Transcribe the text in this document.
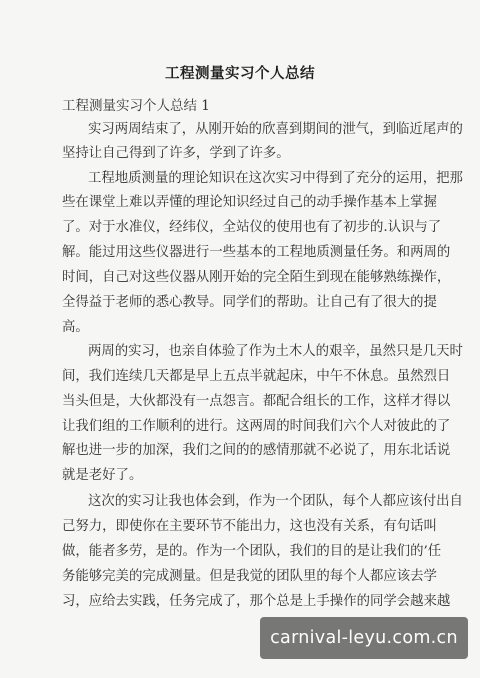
工程测量实习个人总结
工程测量实习个人总结 1
实习两周结束了，从刚开始的欣喜到期间的泄气，到临近尾声的
坚持让自己得到了许多，学到了许多。
工程地质测量的理论知识在这次实习中得到了充分的运用，把那
些在课堂上难以弄懂的理论知识经过自己的动手操作基本上掌握
了。对于水准仪，经纬仪，全站仪的使用也有了初步的.认识与了
解。能过用这些仪器进行一些基本的工程地质测量任务。和两周的
时间，自己对这些仪器从刚开始的完全陌生到现在能够熟练操作，
全得益于老师的悉心教导。同学们的帮助。让自己有了很大的提
高。
两周的实习，也亲自体验了作为土木人的艰辛，虽然只是几天时
间，我们连续几天都是早上五点半就起床，中午不休息。虽然烈日
当头但是，大伙都没有一点怨言。都配合组长的工作，这样才得以
让我们组的工作顺利的进行。这两周的时间我们六个人对彼此的了
解也进一步的加深，我们之间的的感情那就不必说了，用东北话说
就是老好了。
这次的实习让我也体会到，作为一个团队，每个人都应该付出自
己努力，即使你在主要环节不能出力，这也没有关系，有句话叫
做，能者多劳，是的。作为一个团队，我们的目的是让我们的’任
务能够完美的完成测量。但是我觉的团队里的每个人都应该去学
习，应给去实践，任务完成了，那个总是上手操作的同学会越来越
carnival-leyu.com.cn
